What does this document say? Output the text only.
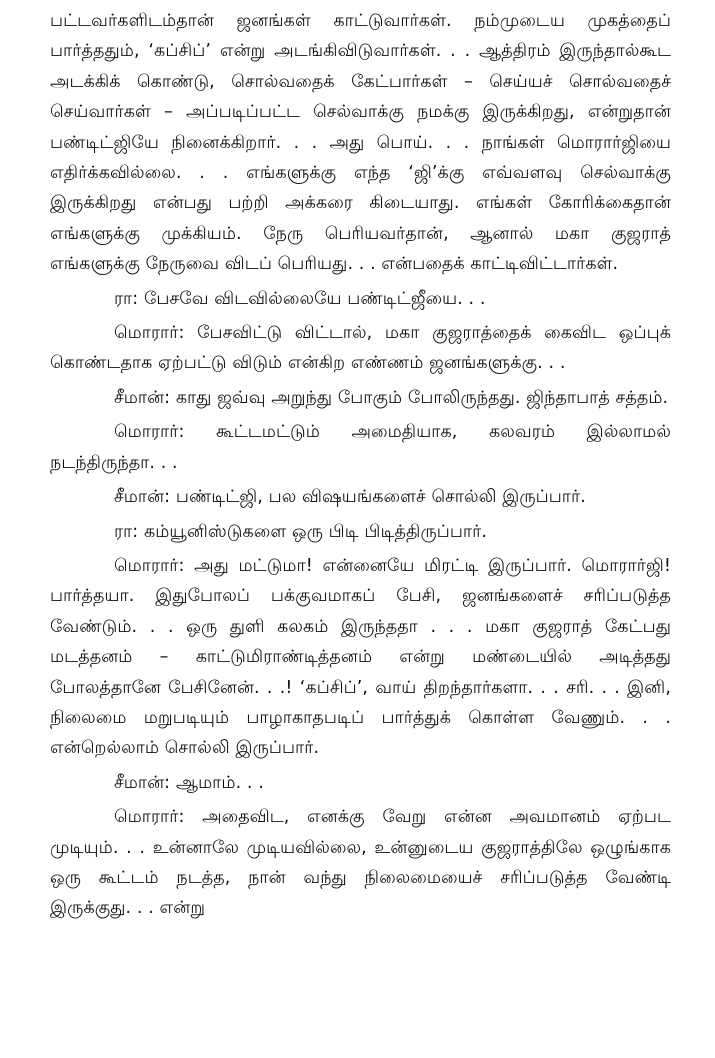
பட்டவர்களிடம்தான் ஜனங்கள் காட்டுவார்கள். நம்முடைய முகத்தைப் பார்த்ததும், ‘கப்சிப்’ என்று அடங்கிவிடுவார்கள். . . ஆத்திரம் இருந்தால்கூட அடக்கிக் கொண்டு, சொல்வதைக் கேட்பார்கள் – செய்யச் சொல்வதைச் செய்வார்கள் – அப்படிப்பட்ட செல்வாக்கு நமக்கு இருக்கிறது, என்றுதான் பண்டிட்ஜியே நினைக்கிறார். . . அது பொய். . . நாங்கள் மொரார்ஜியை எதிர்க்கவில்லை. . . எங்களுக்கு எந்த ‘ஜி’க்கு எவ்வளவு செல்வாக்கு இருக்கிறது என்பது பற்றி அக்கரை கிடையாது. எங்கள் கோரிக்கைதான் எங்களுக்கு முக்கியம். நேரு பெரியவர்தான், ஆனால் மகா குஜராத் எங்களுக்கு நேருவை விடப் பெரியது. . . என்பதைக் காட்டிவிட்டார்கள்.

ரா: பேசவே விடவில்லையே பண்டிட்ஜீயை. . .

மொரார்: பேசவிட்டு விட்டால், மகா குஜராத்தைக் கைவிட ஒப்புக் கொண்டதாக ஏற்பட்டு விடும் என்கிற எண்ணம் ஜனங்களுக்கு. . .

சீமான்: காது ஜவ்வு அறுந்து போகும் போலிருந்தது. ஜிந்தாபாத் சத்தம்.

மொரார்: கூட்டமட்டும் அமைதியாக, கலவரம் இல்லாமல் நடந்திருந்தா. . .

சீமான்: பண்டிட்ஜி, பல விஷயங்களைச் சொல்லி இருப்பார்.

ரா: கம்யூனிஸ்டுகளை ஒரு பிடி பிடித்திருப்பார்.

மொரார்: அது மட்டுமா! என்னையே மிரட்டி இருப்பார். மொரார்ஜி! பார்த்தயா. இதுபோலப் பக்குவமாகப் பேசி, ஜனங்களைச் சரிப்படுத்த வேண்டும். . . ஒரு துளி கலகம் இருந்ததா . . . மகா குஜராத் கேட்பது மடத்தனம் – காட்டுமிராண்டித்தனம் என்று மண்டையில் அடித்தது போலத்தானே பேசினேன். . .! ‘கப்சிப்’, வாய் திறந்தார்களா. . . சரி. . . இனி, நிலைமை மறுபடியும் பாழாகாதபடிப் பார்த்துக் கொள்ள வேணும். . . என்றெல்லாம் சொல்லி இருப்பார்.

சீமான்: ஆமாம். . .

மொரார்: அதைவிட, எனக்கு வேறு என்ன அவமானம் ஏற்பட முடியும். . . உன்னாலே முடியவில்லை, உன்னுடைய குஜராத்திலே ஒழுங்காக ஒரு கூட்டம் நடத்த, நான் வந்து நிலைமையைச் சரிப்படுத்த வேண்டி இருக்குது. . . என்று
